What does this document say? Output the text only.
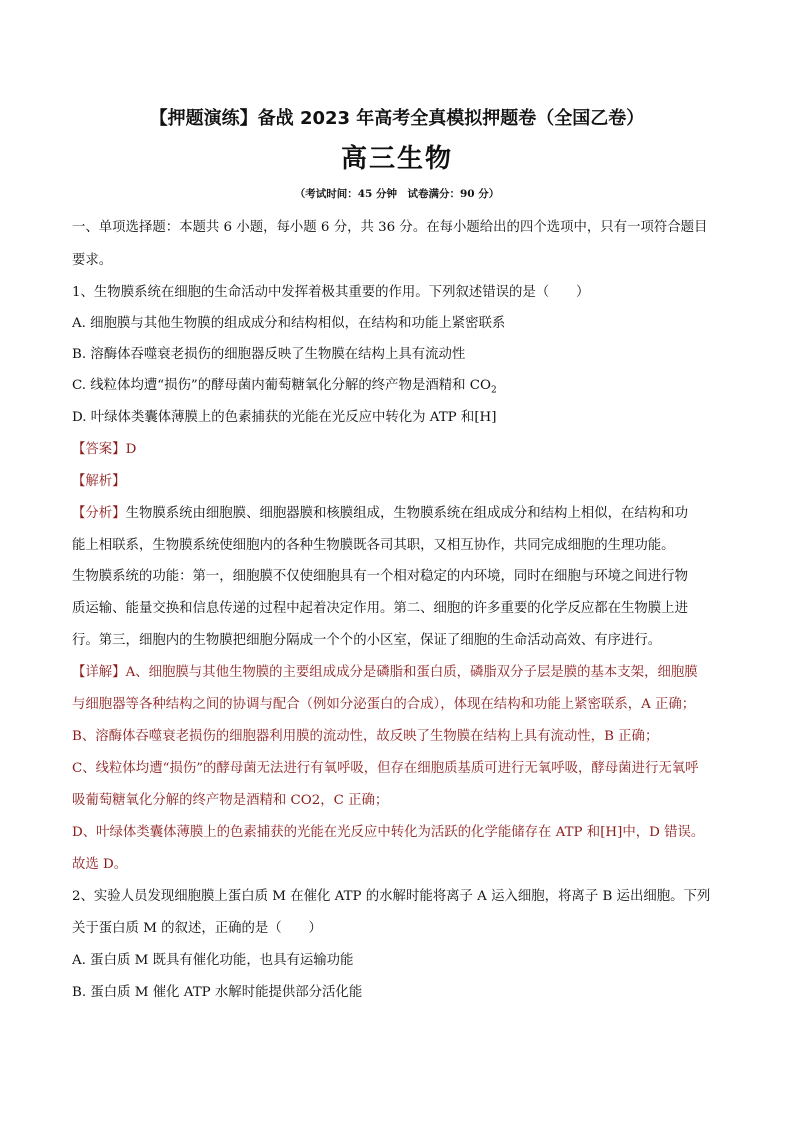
【押题演练】备战 2023 年高考全真模拟押题卷（全国乙卷）
高三生物
（考试时间：45 分钟　试卷满分：90 分）
一、单项选择题：本题共 6 小题，每小题 6 分，共 36 分。在每小题给出的四个选项中，只有一项符合题目
要求。
1、生物膜系统在细胞的生命活动中发挥着极其重要的作用。下列叙述错误的是（　　）
A. 细胞膜与其他生物膜的组成成分和结构相似，在结构和功能上紧密联系
B. 溶酶体吞噬衰老损伤的细胞器反映了生物膜在结构上具有流动性
C. 线粒体均遭“损伤”的酵母菌内葡萄糖氧化分解的终产物是酒精和 $CO_2$
D. 叶绿体类囊体薄膜上的色素捕获的光能在光反应中转化为 ATP 和[H]
【答案】D
【解析】
【分析】生物膜系统由细胞膜、细胞器膜和核膜组成，生物膜系统在组成成分和结构上相似，在结构和功
能上相联系，生物膜系统使细胞内的各种生物膜既各司其职，又相互协作，共同完成细胞的生理功能。
生物膜系统的功能：第一，细胞膜不仅使细胞具有一个相对稳定的内环境，同时在细胞与环境之间进行物
质运输、能量交换和信息传递的过程中起着决定作用。第二、细胞的许多重要的化学反应都在生物膜上进
行。第三，细胞内的生物膜把细胞分隔成一个个的小区室，保证了细胞的生命活动高效、有序进行。
【详解】A、细胞膜与其他生物膜的主要组成成分是磷脂和蛋白质，磷脂双分子层是膜的基本支架，细胞膜
与细胞器等各种结构之间的协调与配合（例如分泌蛋白的合成），体现在结构和功能上紧密联系，A 正确；
B、溶酶体吞噬衰老损伤的细胞器利用膜的流动性，故反映了生物膜在结构上具有流动性，B 正确；
C、线粒体均遭“损伤”的酵母菌无法进行有氧呼吸，但存在细胞质基质可进行无氧呼吸，酵母菌进行无氧呼
吸葡萄糖氧化分解的终产物是酒精和 CO2，C 正确；
D、叶绿体类囊体薄膜上的色素捕获的光能在光反应中转化为活跃的化学能储存在 ATP 和[H]中，D 错误。
故选 D。
2、实验人员发现细胞膜上蛋白质 M 在催化 ATP 的水解时能将离子 A 运入细胞，将离子 B 运出细胞。下列
关于蛋白质 M 的叙述，正确的是（　　）
A. 蛋白质 M 既具有催化功能，也具有运输功能
B. 蛋白质 M 催化 ATP 水解时能提供部分活化能
